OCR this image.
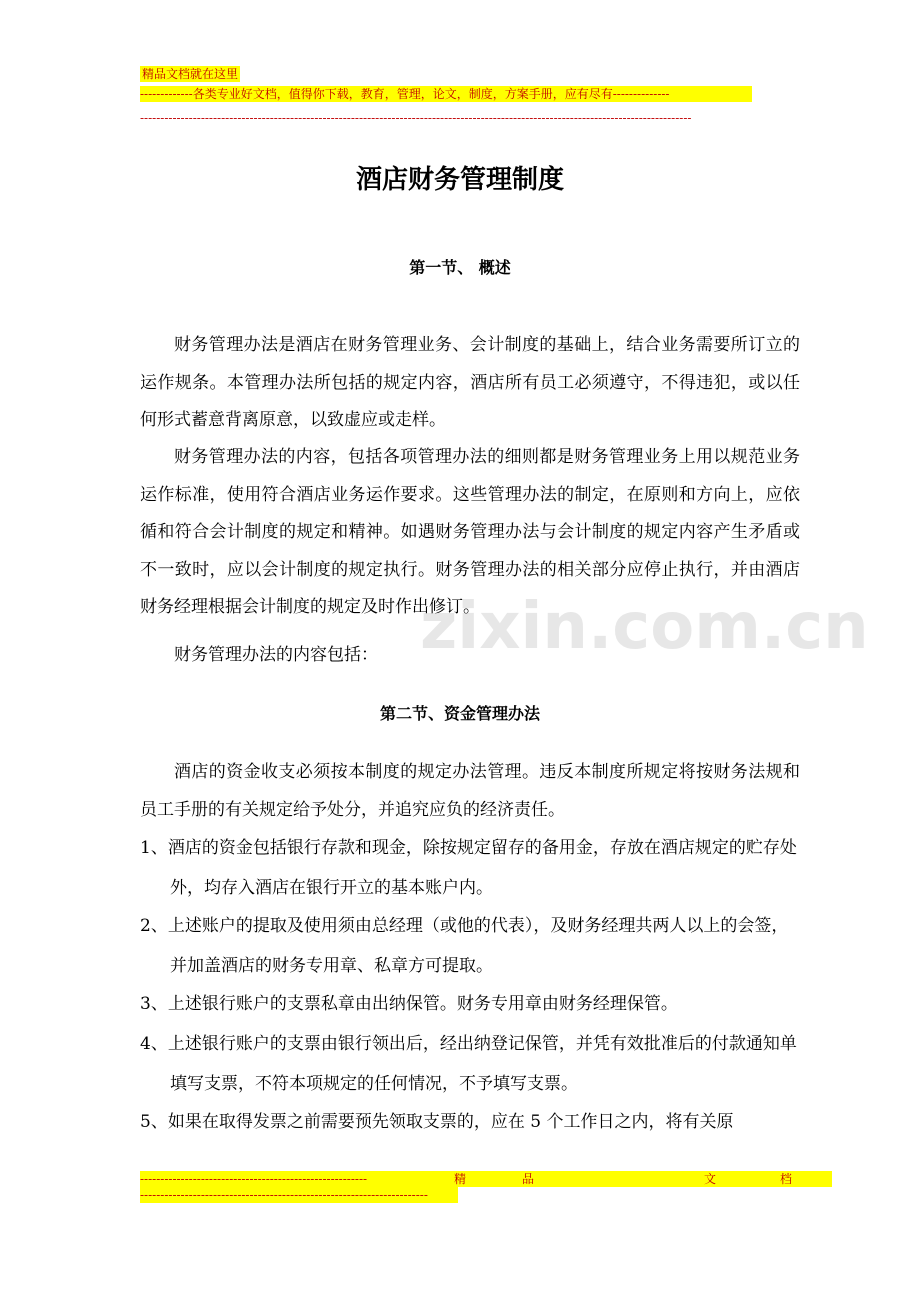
精品文档就在这里
-------------各类专业好文档，值得你下载，教育，管理，论文，制度，方案手册，应有尽有--------------
----------------------------------------------------------------------------------------------------------------------------------------
酒店财务管理制度
第一节、 概述
财务管理办法是酒店在财务管理业务、会计制度的基础上，结合业务需要所订立的运作规条。本管理办法所包括的规定内容，酒店所有员工必须遵守，不得违犯，或以任何形式蓄意背离原意，以致虚应或走样。
财务管理办法的内容，包括各项管理办法的细则都是财务管理业务上用以规范业务运作标准，使用符合酒店业务运作要求。这些管理办法的制定，在原则和方向上，应依循和符合会计制度的规定和精神。如遇财务管理办法与会计制度的规定内容产生矛盾或不一致时，应以会计制度的规定执行。财务管理办法的相关部分应停止执行，并由酒店财务经理根据会计制度的规定及时作出修订。
财务管理办法的内容包括：
第二节、资金管理办法
酒店的资金收支必须按本制度的规定办法管理。违反本制度所规定将按财务法规和员工手册的有关规定给予处分，并追究应负的经济责任。
1、酒店的资金包括银行存款和现金，除按规定留存的备用金，存放在酒店规定的贮存处外，均存入酒店在银行开立的基本账户内。
2、上述账户的提取及使用须由总经理（或他的代表），及财务经理共两人以上的会签，并加盖酒店的财务专用章、私章方可提取。
3、上述银行账户的支票私章由出纳保管。财务专用章由财务经理保管。
4、上述银行账户的支票由银行领出后，经出纳登记保管，并凭有效批准后的付款通知单填写支票，不符本项规定的任何情况，不予填写支票。
5、如果在取得发票之前需要预先领取支票的，应在 5 个工作日之内，将有关原
zixin.com.cn
--------------------------------------------------------	精	品	文	档
-----------------------------------------------------------------------
